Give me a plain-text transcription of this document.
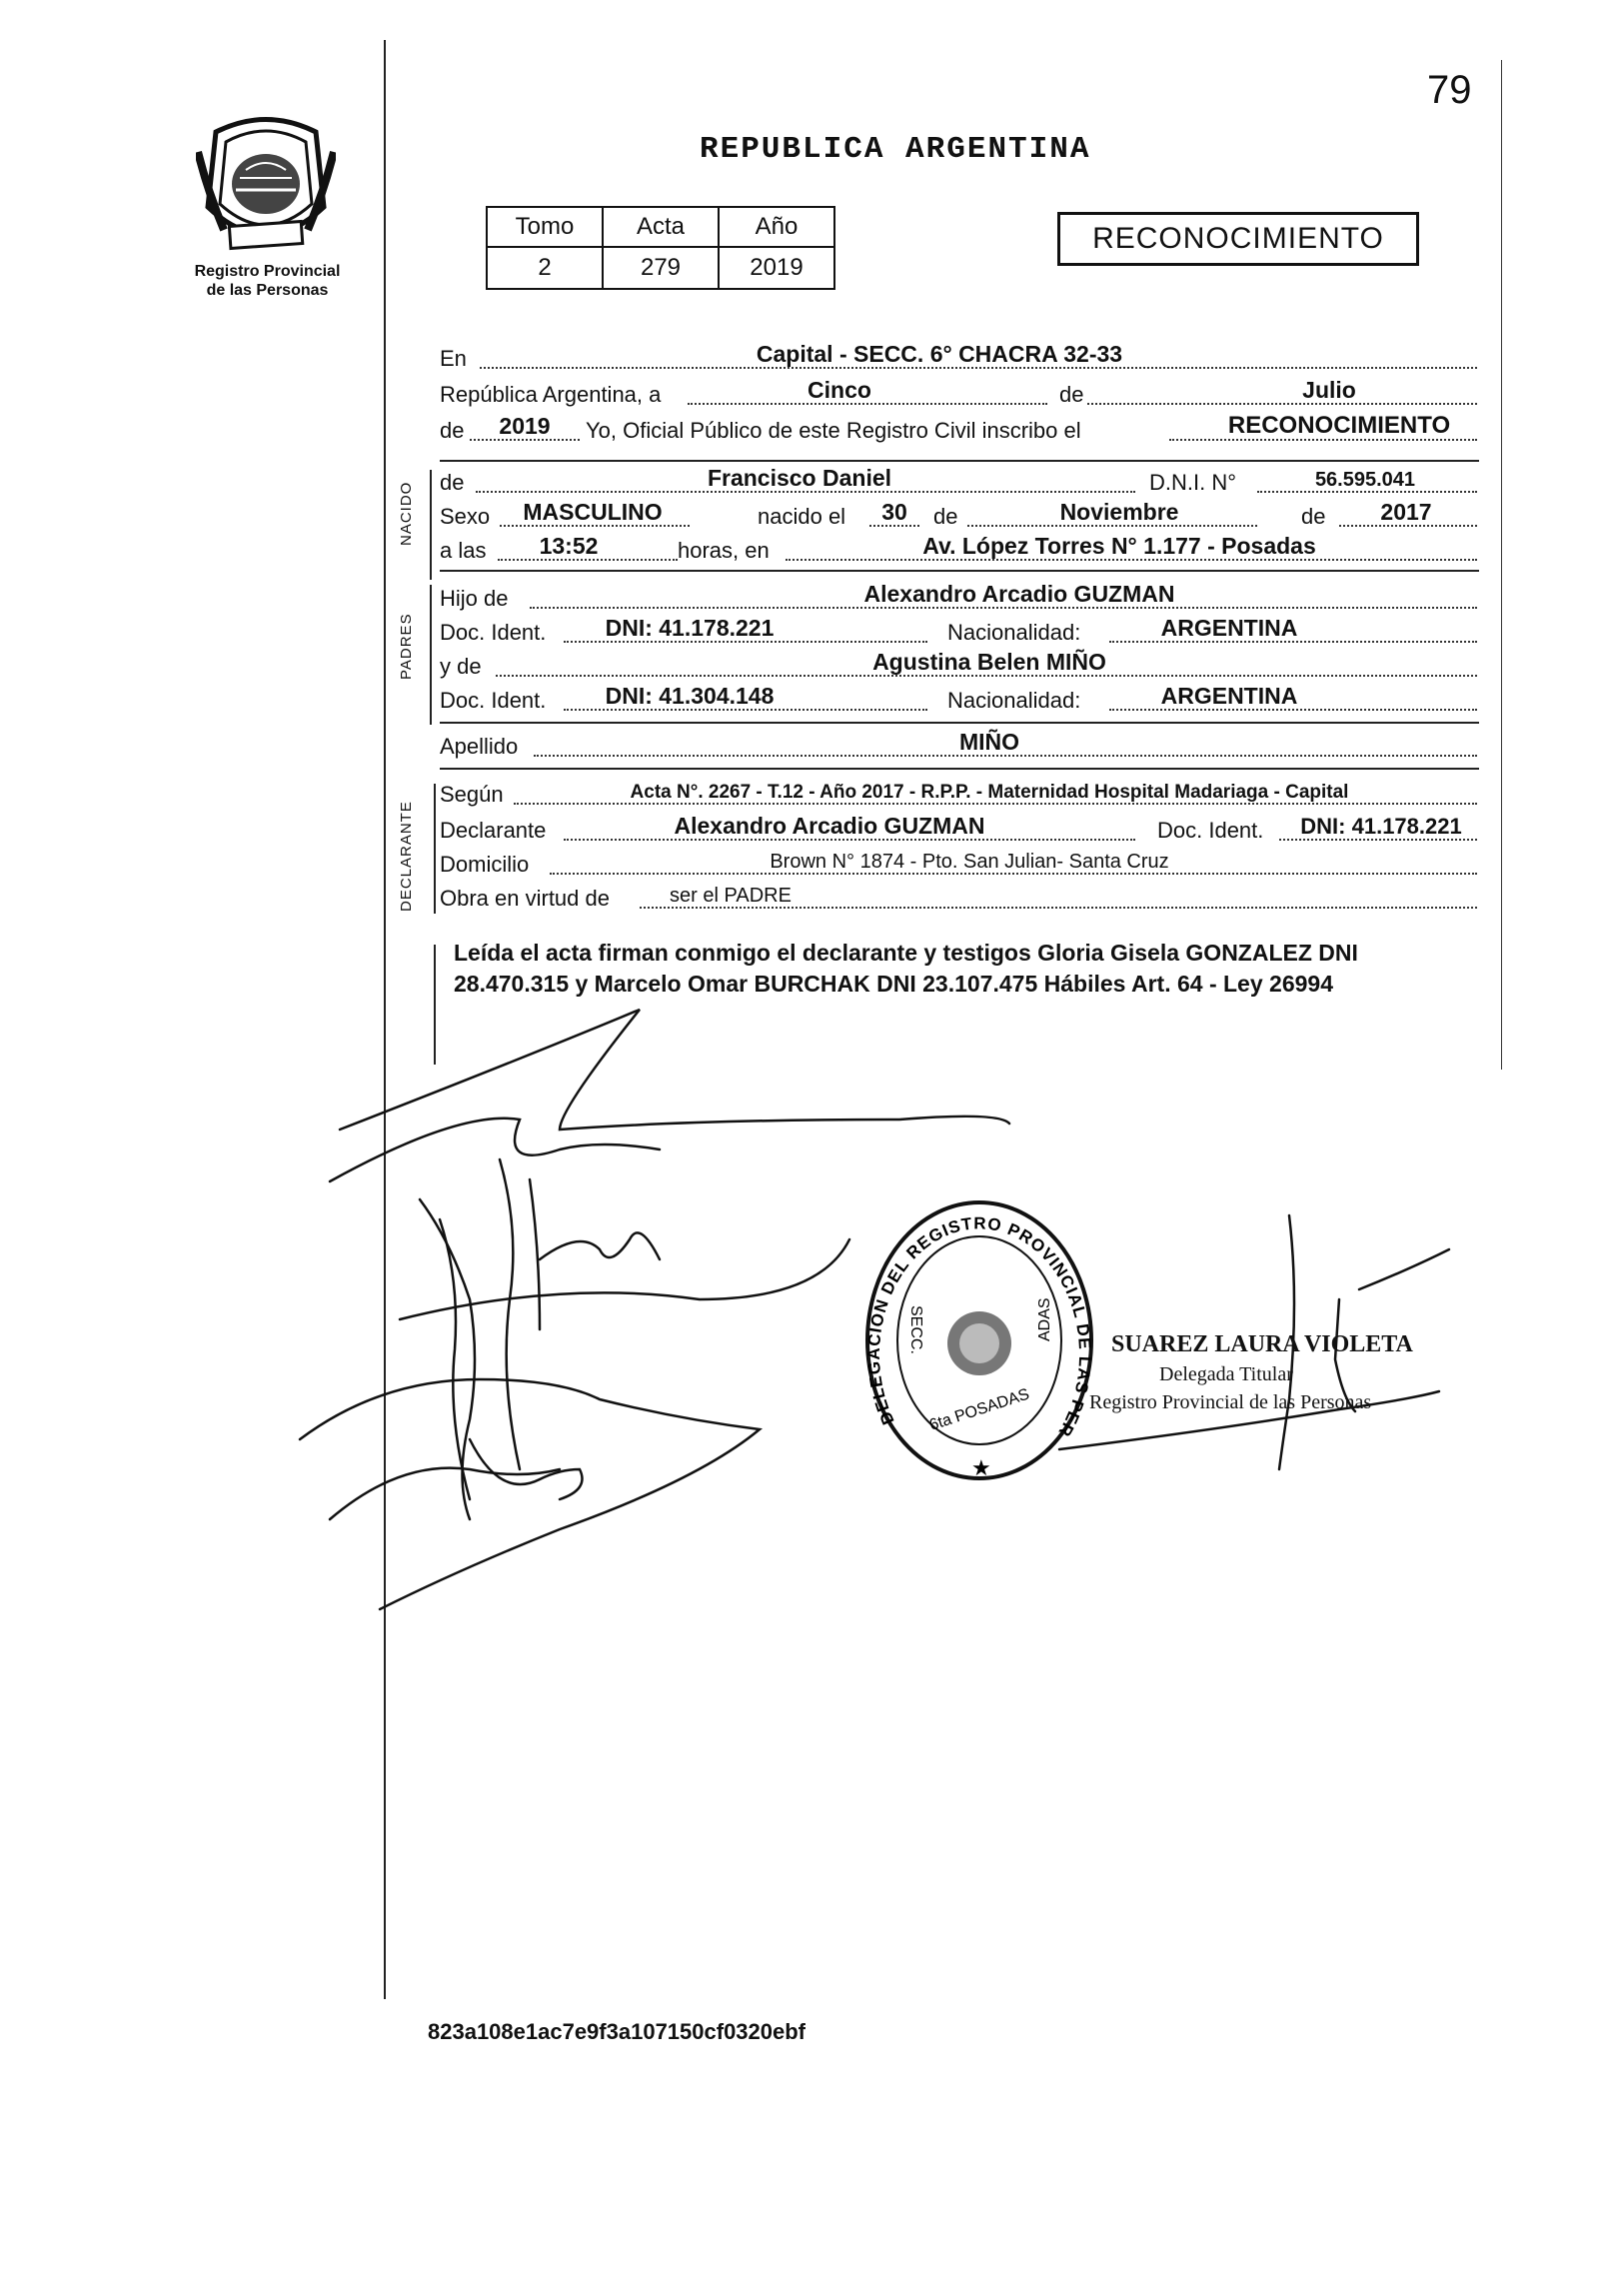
Registro Provincial
de las Personas
79
REPUBLICA ARGENTINA
Tomo	Acta	Año
2	279	2019
RECONOCIMIENTO
NACIDO
PADRES
DECLARANTE
En	Capital - SECC. 6° CHACRA 32-33
República Argentina, a	Cinco	de	Julio
de	2019	Yo, Oficial Público de este Registro Civil inscribo el	RECONOCIMIENTO
de	Francisco Daniel	D.N.I. N°	56.595.041
Sexo	MASCULINO	nacido el	30	de	Noviembre	de	2017
a las	13:52	horas, en	Av. López Torres N° 1.177 - Posadas
Hijo de	Alexandro Arcadio GUZMAN
Doc. Ident.	DNI: 41.178.221	Nacionalidad:	ARGENTINA
y de	Agustina Belen MIÑO
Doc. Ident.	DNI: 41.304.148	Nacionalidad:	ARGENTINA
Apellido	MIÑO
Según	Acta N°. 2267 - T.12 - Año 2017 - R.P.P. - Maternidad Hospital Madariaga - Capital
Declarante	Alexandro Arcadio GUZMAN	Doc. Ident.	DNI: 41.178.221
Domicilio	Brown N° 1874 - Pto. San Julian- Santa Cruz
Obra en virtud de	ser el PADRE
Leída el acta firman conmigo el declarante y testigos Gloria Gisela GONZALEZ DNI 28.470.315 y Marcelo Omar BURCHAK DNI 23.107.475 Hábiles Art. 64 - Ley 26994
DELEGACIÓN DEL REGISTRO PROVINCIAL DE LAS PER
SECC.	ADAS
6ta POSADAS
★
SUAREZ LAURA VIOLETA
Delegada Titular
Registro Provincial de las Personas
823a108e1ac7e9f3a107150cf0320ebf
